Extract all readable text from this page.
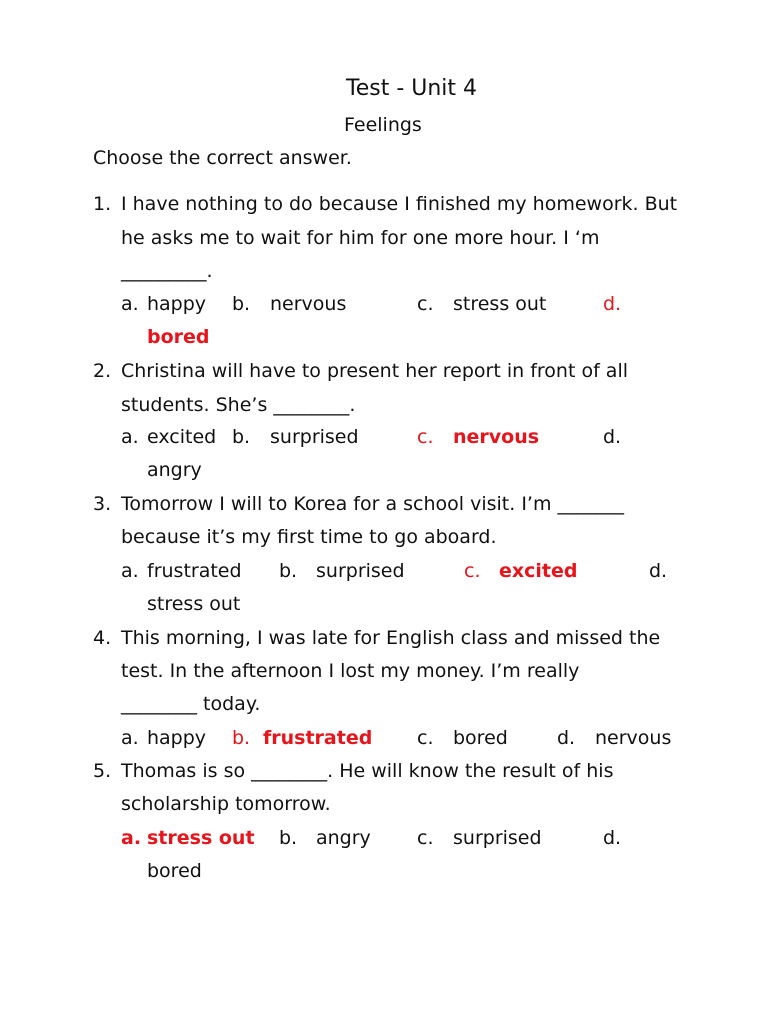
Test - Unit 4
Feelings
Choose the correct answer.
1. I have nothing to do because I finished my homework. But
he asks me to wait for him for one more hour. I ‘m
_________.
a. happy b. nervous	c. stress out	d.
bored
2. Christina will have to present her report in front of all
students. She’s ________.
a. excited b. surprised	c. nervous	d.
angry
3. Tomorrow I will to Korea for a school visit. I’m _______
because it’s my first time to go aboard.
a. frustrated b. surprised	c. excited	d.
stress out
4. This morning, I was late for English class and missed the
test. In the afternoon I lost my money. I’m really
________ today.
a. happy b. frustrated c. bored	d. nervous
5. Thomas is so ________. He will know the result of his
scholarship tomorrow.
a. stress out b. angry c. surprised	d.
bored
